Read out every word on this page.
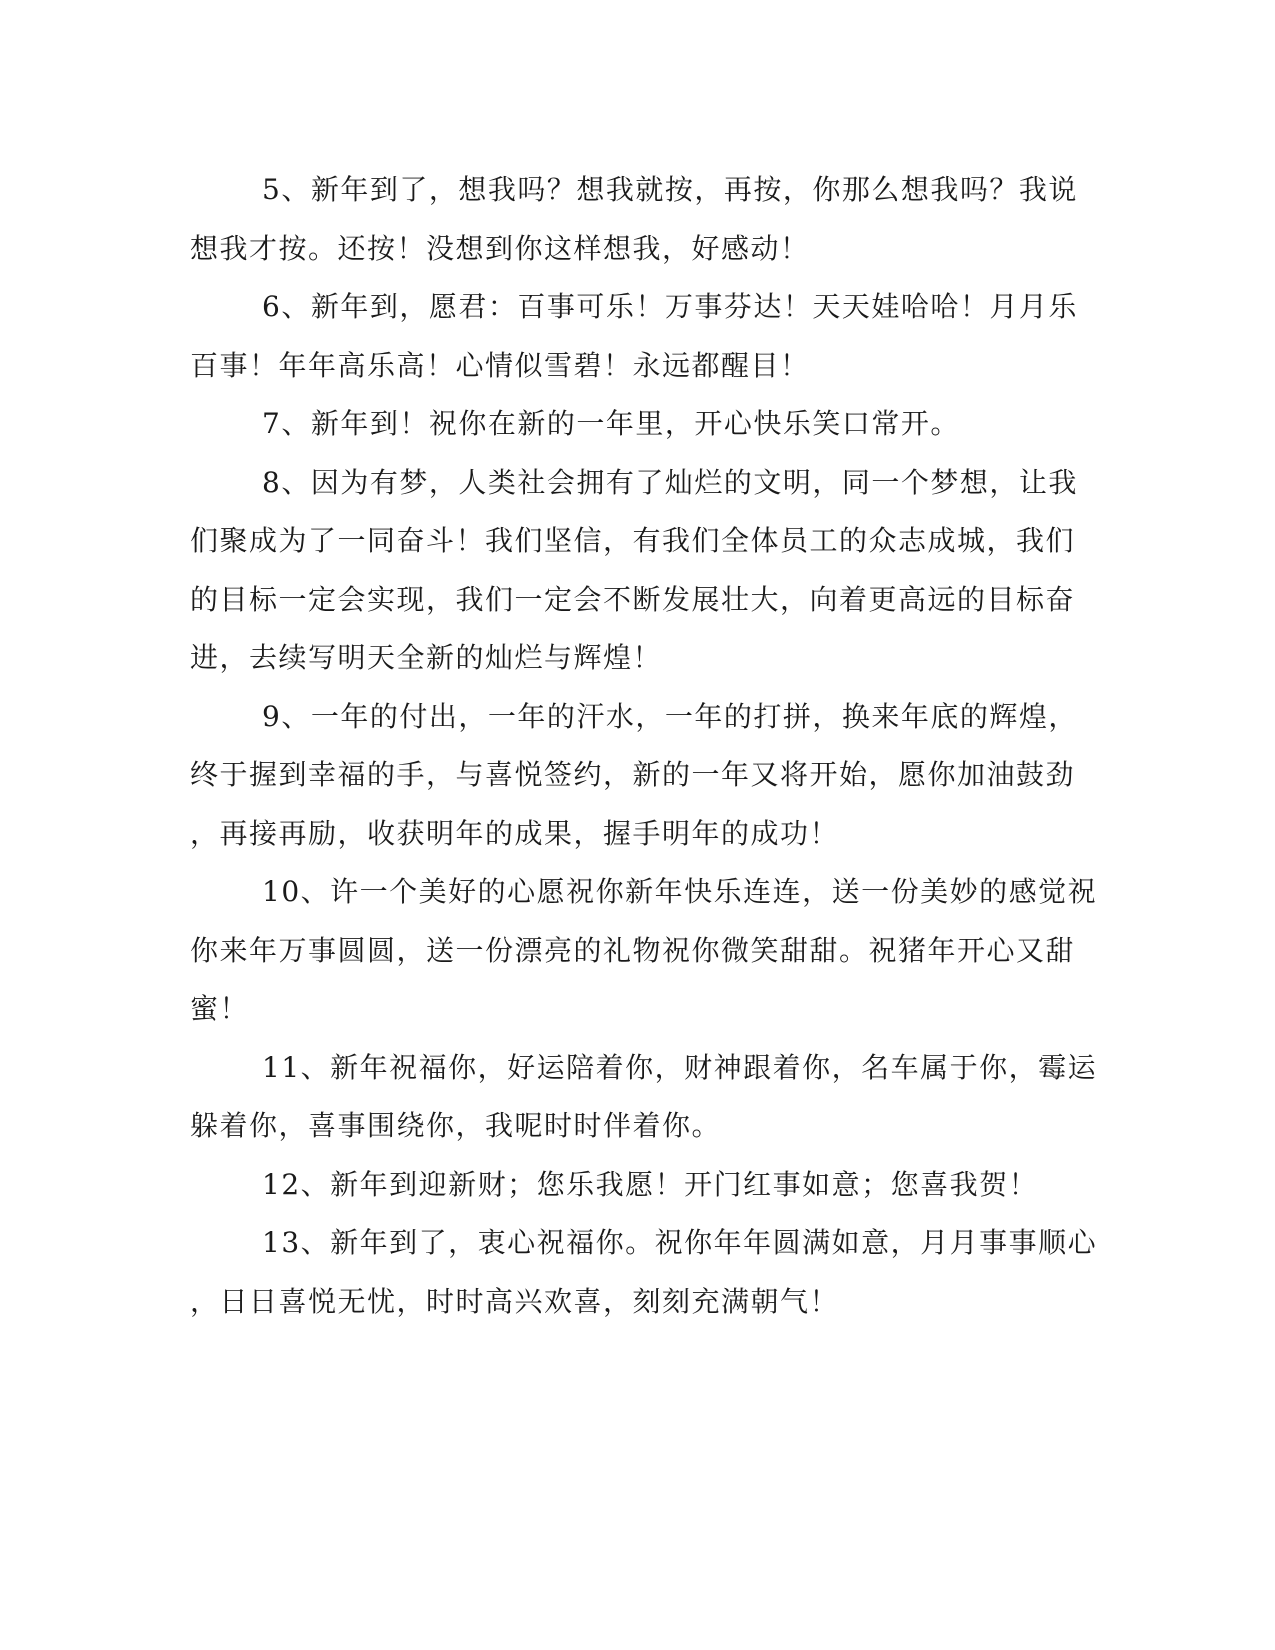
5、新年到了，想我吗？想我就按，再按，你那么想我吗？我说

想我才按。还按！没想到你这样想我，好感动！

6、新年到，愿君：百事可乐！万事芬达！天天娃哈哈！月月乐

百事！年年高乐高！心情似雪碧！永远都醒目！

7、新年到！祝你在新的一年里，开心快乐笑口常开。

8、因为有梦，人类社会拥有了灿烂的文明，同一个梦想，让我

们聚成为了一同奋斗！我们坚信，有我们全体员工的众志成城，我们

的目标一定会实现，我们一定会不断发展壮大，向着更高远的目标奋

进，去续写明天全新的灿烂与辉煌！

9、一年的付出，一年的汗水，一年的打拼，换来年底的辉煌，

终于握到幸福的手，与喜悦签约，新的一年又将开始，愿你加油鼓劲

，再接再励，收获明年的成果，握手明年的成功！

10、许一个美好的心愿祝你新年快乐连连，送一份美妙的感觉祝

你来年万事圆圆，送一份漂亮的礼物祝你微笑甜甜。祝猪年开心又甜

蜜！

11、新年祝福你，好运陪着你，财神跟着你，名车属于你，霉运

躲着你，喜事围绕你，我呢时时伴着你。

12、新年到迎新财；您乐我愿！开门红事如意；您喜我贺！

13、新年到了，衷心祝福你。祝你年年圆满如意，月月事事顺心

，日日喜悦无忧，时时高兴欢喜，刻刻充满朝气！
